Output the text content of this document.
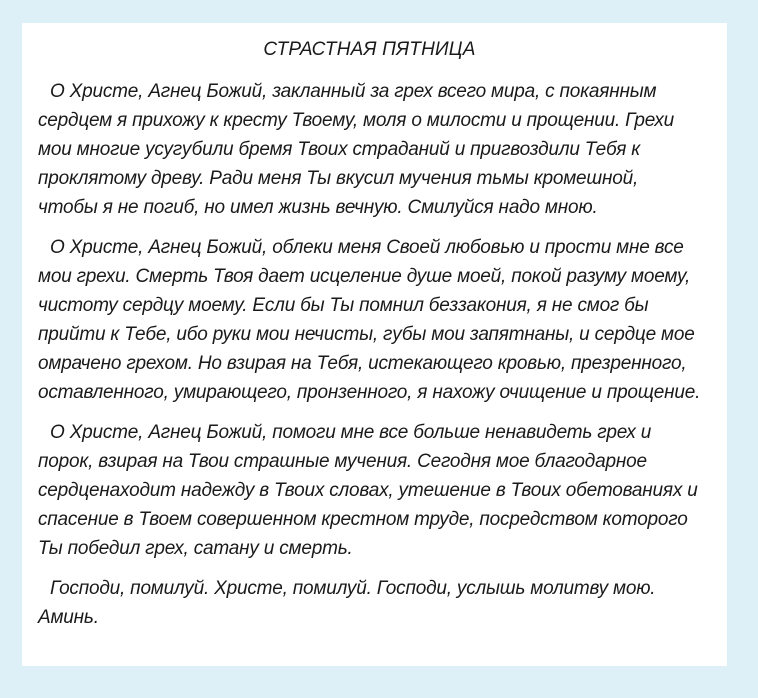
СТРАСТНАЯ ПЯТНИЦА

О Христе, Агнец Божий, закланный за грех всего мира, с покаянным сердцем я прихожу к кресту Твоему, моля о милости и прощении. Грехи мои многие усугубили бремя Твоих страданий и пригвоздили Тебя к проклятому древу. Ради меня Ты вкусил мучения тьмы кромешной, чтобы я не погиб, но имел жизнь вечную. Смилуйся надо мною.

О Христе, Агнец Божий, облеки меня Своей любовью и прости мне все мои грехи. Смерть Твоя дает исцеление душе моей, покой разуму моему, чистоту сердцу моему. Если бы Ты помнил беззакония, я не смог бы прийти к Тебе, ибо руки мои нечисты, губы мои запятнаны, и сердце мое омрачено грехом. Но взирая на Тебя, истекающего кровью, презренного, оставленного, умирающего, пронзенного, я нахожу очищение и прощение.

О Христе, Агнец Божий, помоги мне все больше ненавидеть грех и порок, взирая на Твои страшные мучения. Сегодня мое благодарное сердценаходит надежду в Твоих словах, утешение в Твоих обетованиях и спасение в Твоем совершенном крестном труде, посредством которого Ты победил грех, сатану и смерть.

Господи, помилуй. Христе, помилуй. Господи, услышь молитву мою. Аминь.
